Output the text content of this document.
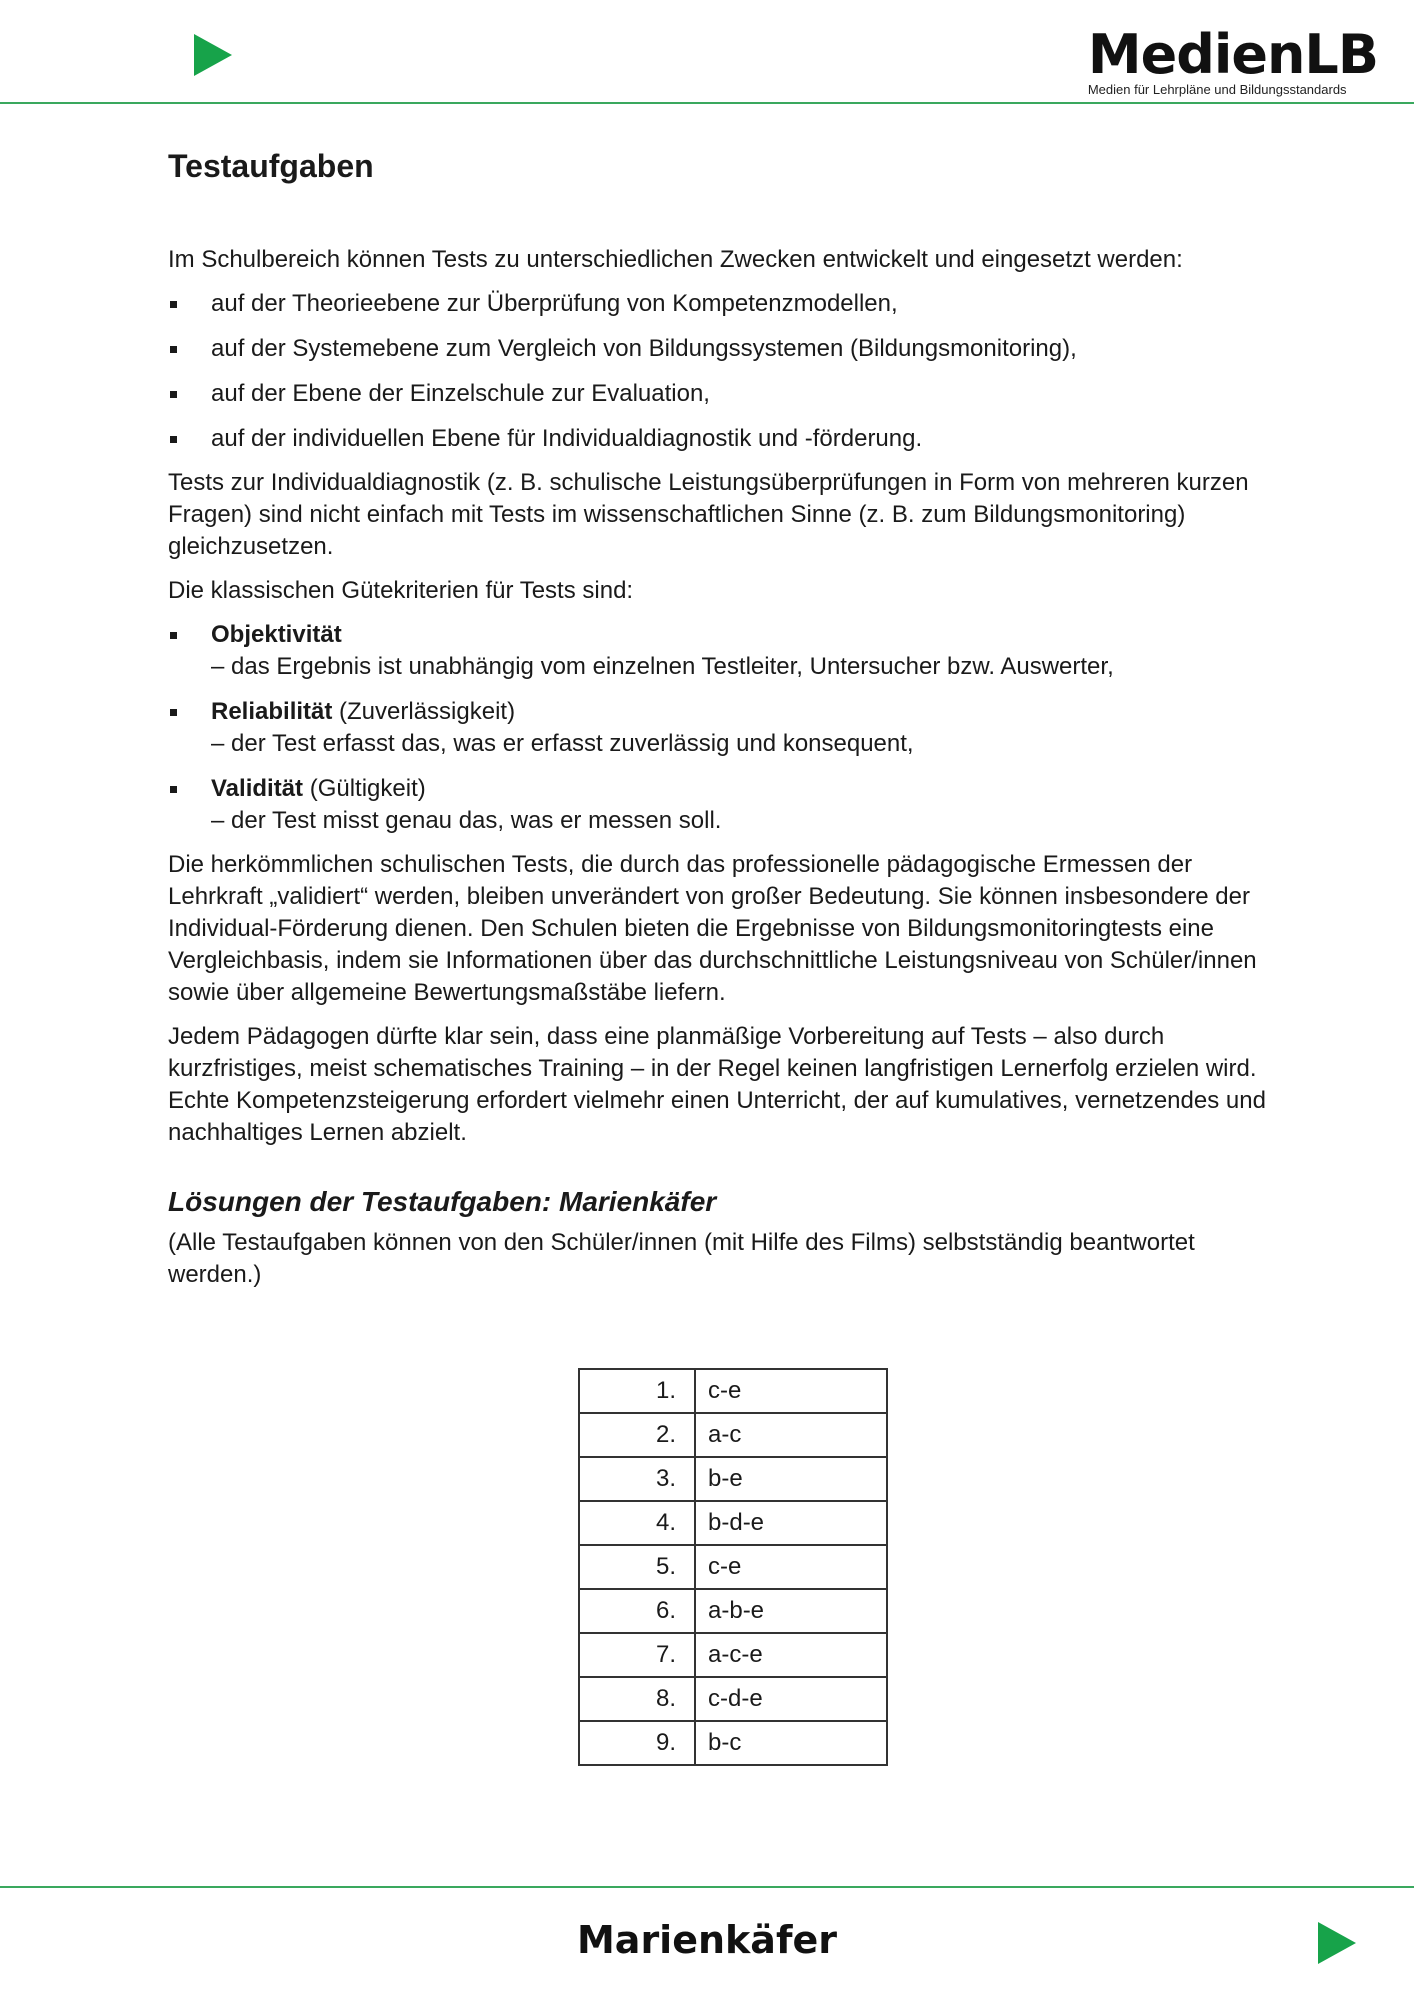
MedienLB
Medien für Lehrpläne und Bildungsstandards
Testaufgaben

Im Schulbereich können Tests zu unterschiedlichen Zwecken entwickelt und eingesetzt werden:

auf der Theorieebene zur Überprüfung von Kompetenzmodellen,
auf der Systemebene zum Vergleich von Bildungssystemen (Bildungsmonitoring),
auf der Ebene der Einzelschule zur Evaluation,
auf der individuellen Ebene für Individualdiagnostik und -förderung.

Tests zur Individualdiagnostik (z. B. schulische Leistungsüberprüfungen in Form von mehreren kurzen Fragen) sind nicht einfach mit Tests im wissenschaftlichen Sinne (z. B. zum Bildungsmonitoring) gleichzusetzen.

Die klassischen Gütekriterien für Tests sind:

Objektivität
– das Ergebnis ist unabhängig vom einzelnen Testleiter, Untersucher bzw. Auswerter,
Reliabilität (Zuverlässigkeit)
– der Test erfasst das, was er erfasst zuverlässig und konsequent,
Validität (Gültigkeit)
– der Test misst genau das, was er messen soll.

Die herkömmlichen schulischen Tests, die durch das professionelle pädagogische Ermessen der Lehrkraft „validiert“ werden, bleiben unverändert von großer Bedeutung. Sie können insbesondere der Individual-Förderung dienen. Den Schulen bieten die Ergebnisse von Bildungsmonitoringtests eine Vergleichbasis, indem sie Informationen über das durchschnittliche Leistungsniveau von Schüler/innen sowie über allgemeine Bewertungsmaßstäbe liefern.

Jedem Pädagogen dürfte klar sein, dass eine planmäßige Vorbereitung auf Tests – also durch kurzfristiges, meist schematisches Training – in der Regel keinen langfristigen Lernerfolg erzielen wird. Echte Kompetenzsteigerung erfordert vielmehr einen Unterricht, der auf kumulatives, vernetzendes und nachhaltiges Lernen abzielt.

Lösungen der Testaufgaben: Marienkäfer

(Alle Testaufgaben können von den Schüler/innen (mit Hilfe des Films) selbstständig beantwortet werden.)

1.	c-e
2.	a-c
3.	b-e
4.	b-d-e
5.	c-e
6.	a-b-e
7.	a-c-e
8.	c-d-e
9.	b-c
Marienkäfer
